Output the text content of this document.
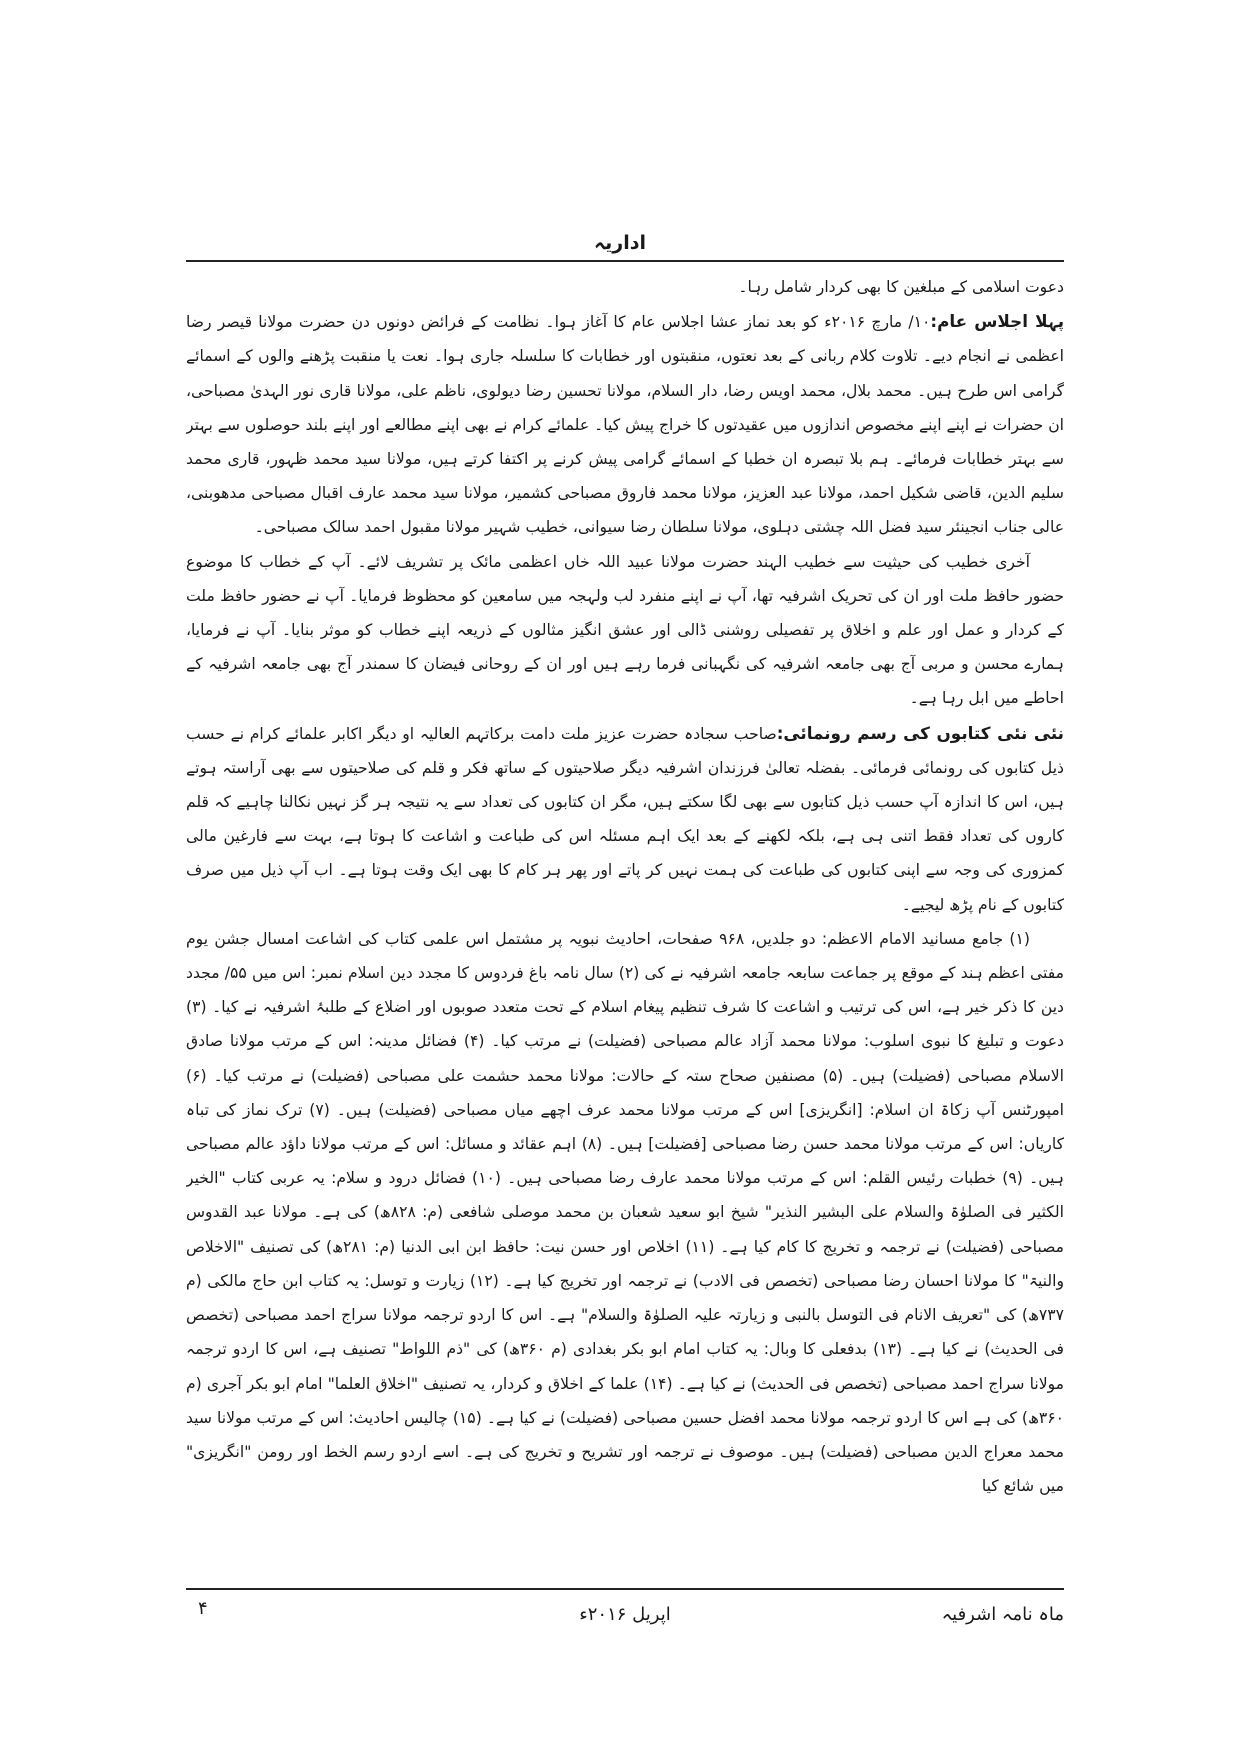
اداریہ

دعوت اسلامی کے مبلغین کا بھی کردار شامل رہا۔

پہلا اجلاس عام:۱۰/ مارچ ۲۰۱۶ء کو بعد نماز عشا اجلاس عام کا آغاز ہوا۔ نظامت کے فرائض دونوں دن حضرت مولانا قیصر رضا اعظمی نے انجام دیے۔ تلاوت کلام ربانی کے بعد نعتوں، منقبتوں اور خطابات کا سلسلہ جاری ہوا۔ نعت یا منقبت پڑھنے والوں کے اسمائے گرامی اس طرح ہیں۔ محمد بلال، محمد اویس رضا، دار السلام، مولانا تحسین رضا دیولوی، ناظم علی، مولانا قاری نور الہدیٰ مصباحی، ان حضرات نے اپنے اپنے مخصوص اندازوں میں عقیدتوں کا خراج پیش کیا۔ علمائے کرام نے بھی اپنے مطالعے اور اپنے بلند حوصلوں سے بہتر سے بہتر خطابات فرمائے۔ ہم بلا تبصرہ ان خطبا کے اسمائے گرامی پیش کرنے پر اکتفا کرتے ہیں، مولانا سید محمد ظہور، قاری محمد سلیم الدین، قاضی شکیل احمد، مولانا عبد العزیز، مولانا محمد فاروق مصباحی کشمیر، مولانا سید محمد عارف اقبال مصباحی مدھوبنی، عالی جناب انجینئر سید فضل اللہ چشتی دہلوی، مولانا سلطان رضا سیوانی، خطیب شہیر مولانا مقبول احمد سالک مصباحی۔

آخری خطیب کی حیثیت سے خطیب الہند حضرت مولانا عبید اللہ خاں اعظمی مائک پر تشریف لائے۔ آپ کے خطاب کا موضوع حضور حافظ ملت اور ان کی تحریک اشرفیہ تھا، آپ نے اپنے منفرد لب ولہجہ میں سامعین کو محظوظ فرمایا۔ آپ نے حضور حافظ ملت کے کردار و عمل اور علم و اخلاق پر تفصیلی روشنی ڈالی اور عشق انگیز مثالوں کے ذریعہ اپنے خطاب کو موثر بنایا۔ آپ نے فرمایا، ہمارے محسن و مربی آج بھی جامعہ اشرفیہ کی نگہبانی فرما رہے ہیں اور ان کے روحانی فیضان کا سمندر آج بھی جامعہ اشرفیہ کے احاطے میں ابل رہا ہے۔

نئی نئی کتابوں کی رسم رونمائی:صاحب سجادہ حضرت عزیز ملت دامت برکاتہم العالیہ او دیگر اکابر علمائے کرام نے حسب ذیل کتابوں کی رونمائی فرمائی۔ بفضلہ تعالیٰ فرزندان اشرفیہ دیگر صلاحیتوں کے ساتھ فکر و قلم کی صلاحیتوں سے بھی آراستہ ہوتے ہیں، اس کا اندازہ آپ حسب ذیل کتابوں سے بھی لگا سکتے ہیں، مگر ان کتابوں کی تعداد سے یہ نتیجہ ہر گز نہیں نکالنا چاہیے کہ قلم کاروں کی تعداد فقط اتنی ہی ہے، بلکہ لکھنے کے بعد ایک اہم مسئلہ اس کی طباعت و اشاعت کا ہوتا ہے، بہت سے فارغین مالی کمزوری کی وجہ سے اپنی کتابوں کی طباعت کی ہمت نہیں کر پاتے اور پھر ہر کام کا بھی ایک وقت ہوتا ہے۔ اب آپ ذیل میں صرف کتابوں کے نام پڑھ لیجیے۔

(۱) جامع مسانید الامام الاعظم: دو جلدیں، ۹۶۸ صفحات، احادیث نبویہ پر مشتمل اس علمی کتاب کی اشاعت امسال جشن یوم مفتی اعظم ہند کے موقع پر جماعت سابعہ جامعہ اشرفیہ نے کی (۲) سال نامہ باغ فردوس کا مجدد دین اسلام نمبر: اس میں ۵۵/ مجدد دین کا ذکر خیر ہے، اس کی ترتیب و اشاعت کا شرف تنظیم پیغام اسلام کے تحت متعدد صوبوں اور اضلاع کے طلبۂ اشرفیہ نے کیا۔ (۳) دعوت و تبلیغ کا نبوی اسلوب: مولانا محمد آزاد عالم مصباحی (فضیلت) نے مرتب کیا۔ (۴) فضائل مدینہ: اس کے مرتب مولانا صادق الاسلام مصباحی (فضیلت) ہیں۔ (۵) مصنفین صحاح ستہ کے حالات: مولانا محمد حشمت علی مصباحی (فضیلت) نے مرتب کیا۔ (۶) امپورٹنس آپ زکاۃ ان اسلام: [انگریزی] اس کے مرتب مولانا محمد عرف اچھے میاں مصباحی (فضیلت) ہیں۔ (۷) ترک نماز کی تباہ کاریاں: اس کے مرتب مولانا محمد حسن رضا مصباحی [فضیلت] ہیں۔ (۸) اہم عقائد و مسائل: اس کے مرتب مولانا داؤد عالم مصباحی ہیں۔ (۹) خطبات رئیس القلم: اس کے مرتب مولانا محمد عارف رضا مصباحی ہیں۔ (۱۰) فضائل درود و سلام: یہ عربی کتاب "الخیر الکثیر فی الصلوٰۃ والسلام علی البشیر النذیر" شیخ ابو سعید شعبان بن محمد موصلی شافعی (م: ۸۲۸ھ) کی ہے۔ مولانا عبد القدوس مصباحی (فضیلت) نے ترجمہ و تخریج کا کام کیا ہے۔ (۱۱) اخلاص اور حسن نیت: حافظ ابن ابی الدنیا (م: ۲۸۱ھ) کی تصنیف "الاخلاص والنیۃ" کا مولانا احسان رضا مصباحی (تخصص فی الادب) نے ترجمہ اور تخریج کیا ہے۔ (۱۲) زیارت و توسل: یہ کتاب ابن حاج مالکی (م ۷۳۷ھ) کی "تعریف الانام فی التوسل بالنبی و زیارتہ علیہ الصلوٰۃ والسلام" ہے۔ اس کا اردو ترجمہ مولانا سراج احمد مصباحی (تخصص فی الحدیث) نے کیا ہے۔ (۱۳) بدفعلی کا وبال: یہ کتاب امام ابو بکر بغدادی (م ۳۶۰ھ) کی "ذم اللواط" تصنیف ہے، اس کا اردو ترجمہ مولانا سراج احمد مصباحی (تخصص فی الحدیث) نے کیا ہے۔ (۱۴) علما کے اخلاق و کردار، یہ تصنیف "اخلاق العلما" امام ابو بکر آجری (م ۳۶۰ھ) کی ہے اس کا اردو ترجمہ مولانا محمد افضل حسین مصباحی (فضیلت) نے کیا ہے۔ (۱۵) چالیس احادیث: اس کے مرتب مولانا سید محمد معراج الدین مصباحی (فضیلت) ہیں۔ موصوف نے ترجمہ اور تشریح و تخریج کی ہے۔ اسے اردو رسم الخط اور رومن "انگریزی" میں شائع کیا

۴	اپریل ۲۰۱۶ء	ماہ نامہ اشرفیہ
